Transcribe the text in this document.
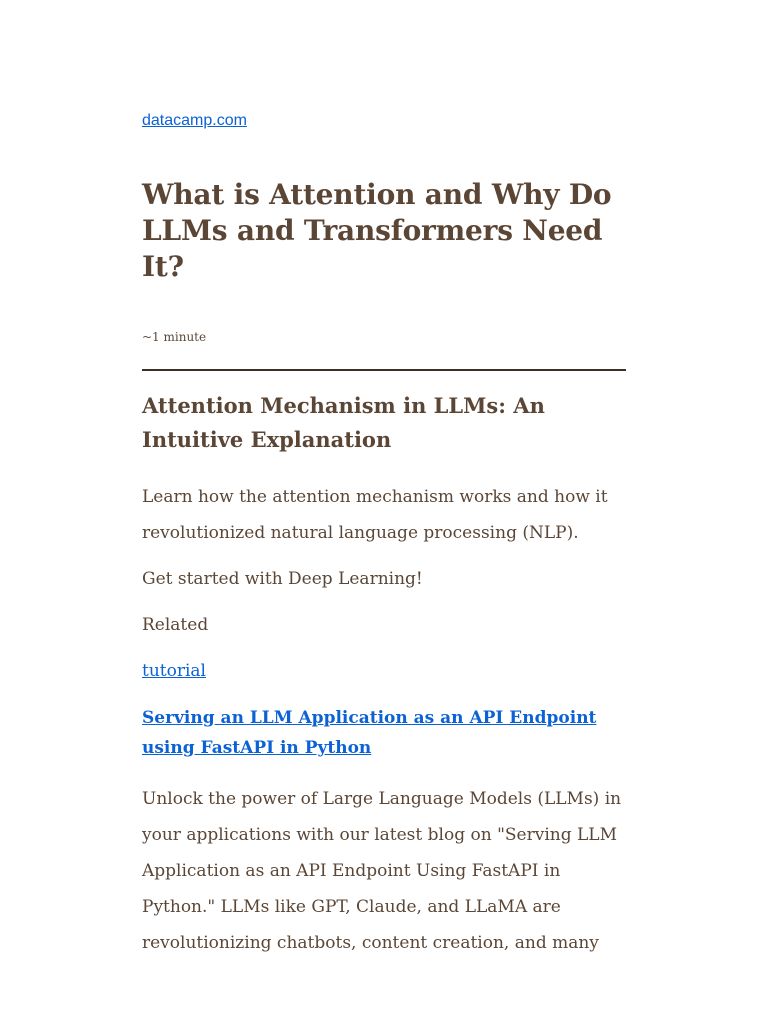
datacamp.com
What is Attention and Why Do LLMs and Transformers Need It?

~1 minute

Attention Mechanism in LLMs: An Intuitive Explanation

Learn how the attention mechanism works and how it revolutionized natural language processing (NLP).

Get started with Deep Learning!

Related

tutorial
Serving an LLM Application as an API Endpoint using FastAPI in Python

Unlock the power of Large Language Models (LLMs) in your applications with our latest blog on "Serving LLM Application as an API Endpoint Using FastAPI in Python." LLMs like GPT, Claude, and LLaMA are revolutionizing chatbots, content creation, and many
